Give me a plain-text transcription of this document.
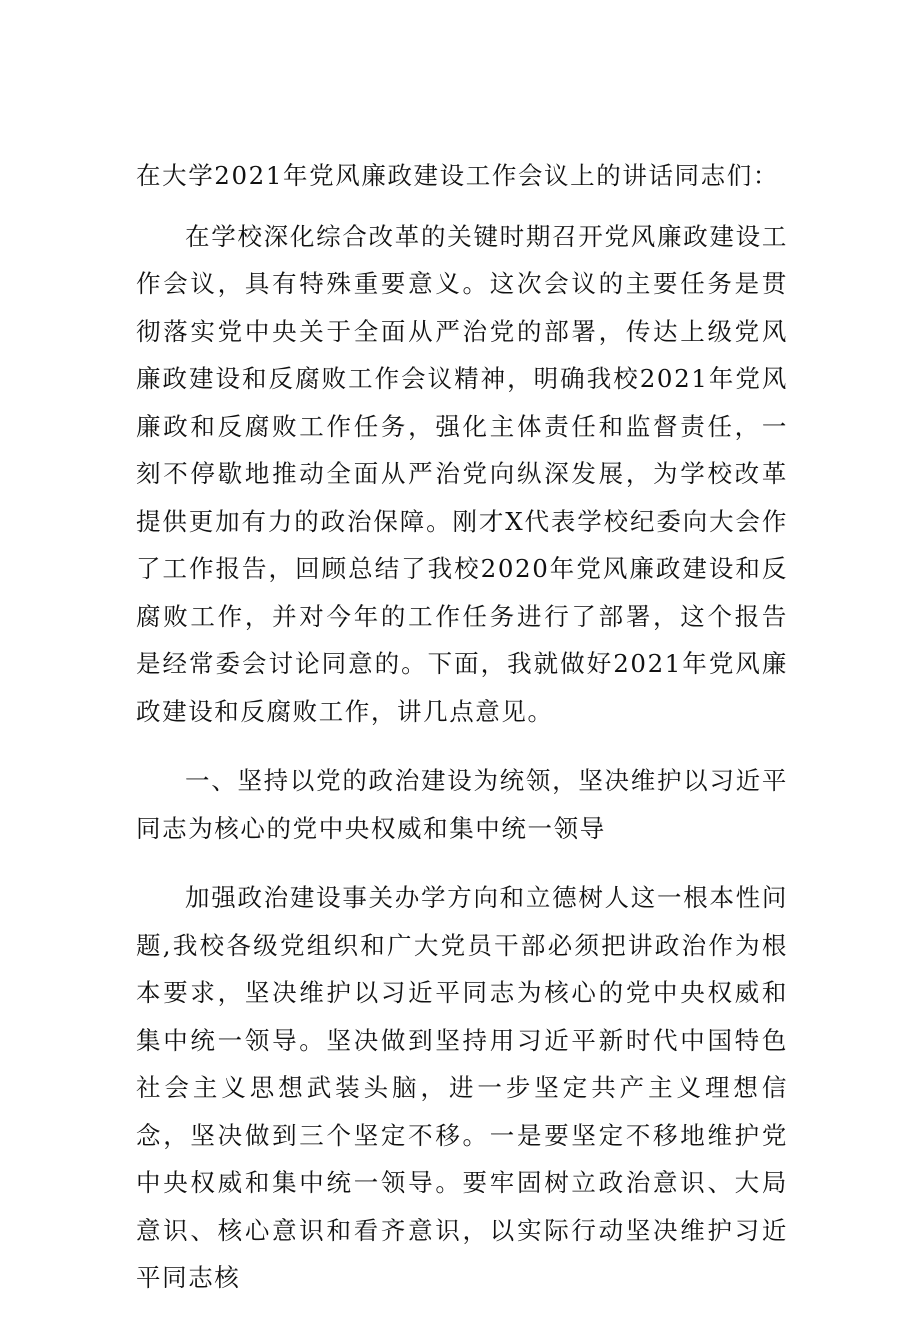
在大学2021年党风廉政建设工作会议上的讲话同志们：

在学校深化综合改革的关键时期召开党风廉政建设工作会议，具有特殊重要意义。这次会议的主要任务是贯彻落实党中央关于全面从严治党的部署，传达上级党风廉政建设和反腐败工作会议精神，明确我校2021年党风廉政和反腐败工作任务，强化主体责任和监督责任，一刻不停歇地推动全面从严治党向纵深发展，为学校改革提供更加有力的政治保障。刚才X代表学校纪委向大会作了工作报告，回顾总结了我校2020年党风廉政建设和反腐败工作，并对今年的工作任务进行了部署，这个报告是经常委会讨论同意的。下面，我就做好2021年党风廉政建设和反腐败工作，讲几点意见。

一、坚持以党的政治建设为统领，坚决维护以习近平同志为核心的党中央权威和集中统一领导

加强政治建设事关办学方向和立德树人这一根本性问题,我校各级党组织和广大党员干部必须把讲政治作为根本要求，坚决维护以习近平同志为核心的党中央权威和集中统一领导。坚决做到坚持用习近平新时代中国特色社会主义思想武装头脑，进一步坚定共产主义理想信念，坚决做到三个坚定不移。一是要坚定不移地维护党中央权威和集中统一领导。要牢固树立政治意识、大局意识、核心意识和看齐意识，以实际行动坚决维护习近平同志核
